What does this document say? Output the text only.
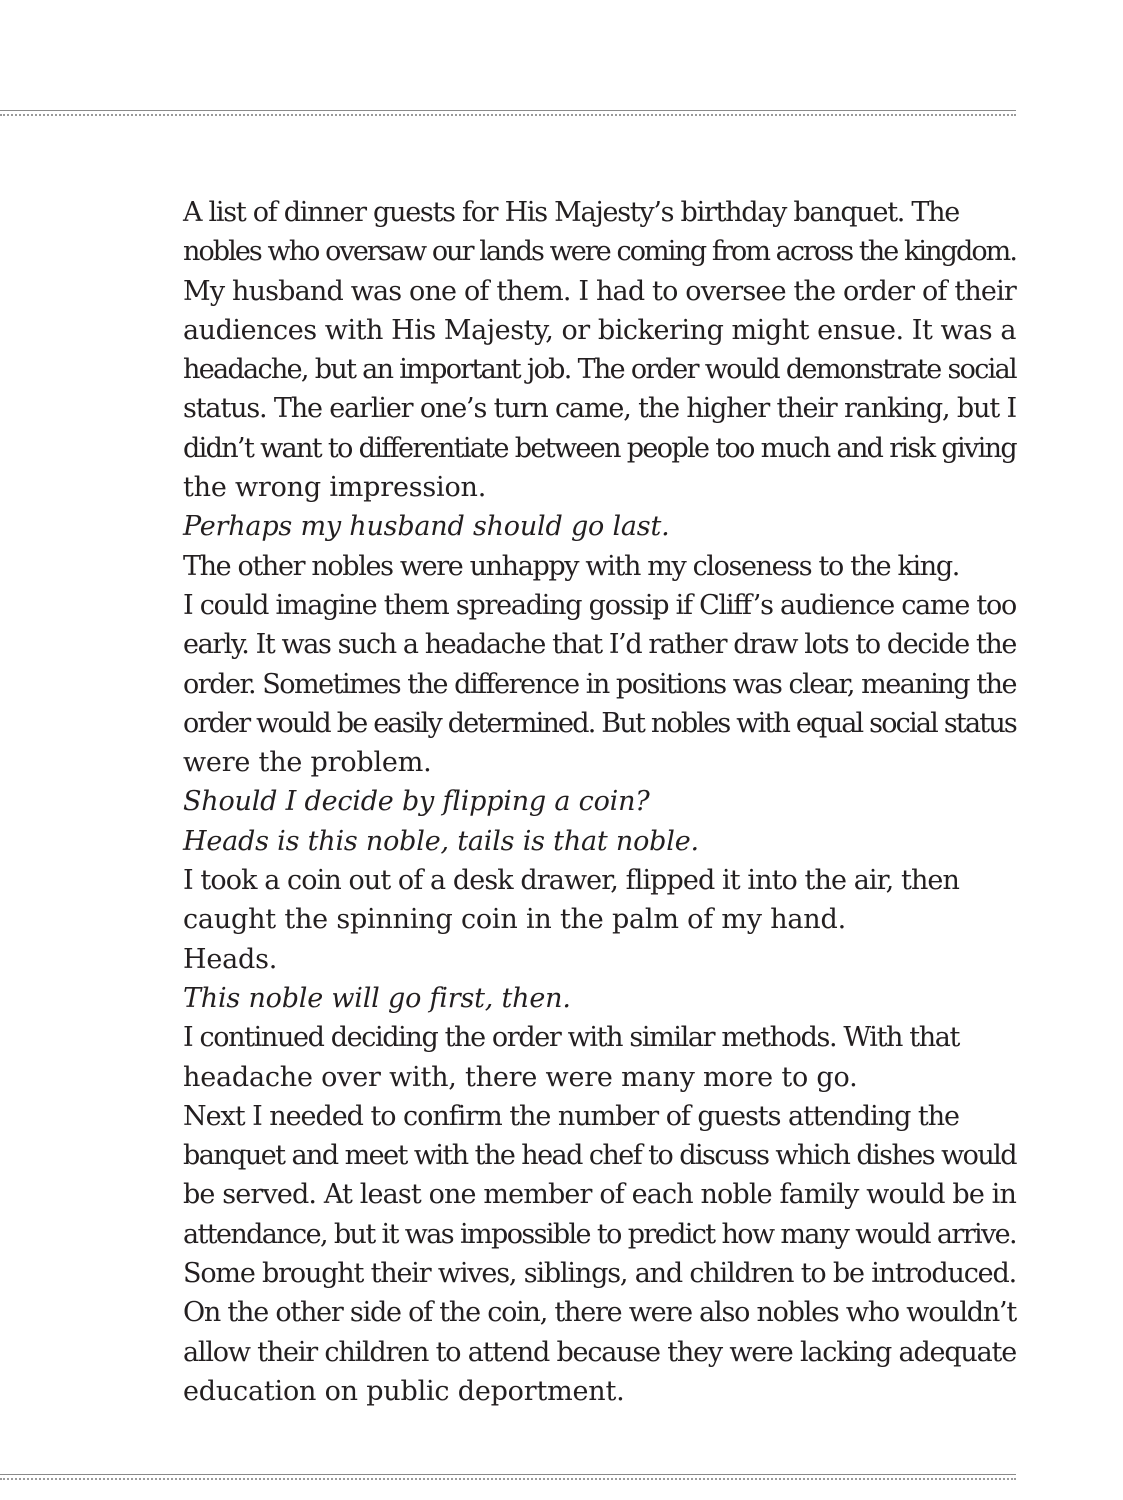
A list of dinner guests for His Majesty’s birthday banquet. The
nobles who oversaw our lands were coming from across the kingdom.
My husband was one of them. I had to oversee the order of their
audiences with His Majesty, or bickering might ensue. It was a
headache, but an important job. The order would demonstrate social
status. The earlier one’s turn came, the higher their ranking, but I
didn’t want to differentiate between people too much and risk giving
the wrong impression.

Perhaps my husband should go last.

The other nobles were unhappy with my closeness to the king.
I could imagine them spreading gossip if Cliff’s audience came too
early. It was such a headache that I’d rather draw lots to decide the
order. Sometimes the difference in positions was clear, meaning the
order would be easily determined. But nobles with equal social status
were the problem.

Should I decide by flipping a coin?

Heads is this noble, tails is that noble.

I took a coin out of a desk drawer, flipped it into the air, then
caught the spinning coin in the palm of my hand.

Heads.

This noble will go first, then.

I continued deciding the order with similar methods. With that
headache over with, there were many more to go.

Next I needed to confirm the number of guests attending the
banquet and meet with the head chef to discuss which dishes would
be served. At least one member of each noble family would be in
attendance, but it was impossible to predict how many would arrive.
Some brought their wives, siblings, and children to be introduced.
On the other side of the coin, there were also nobles who wouldn’t
allow their children to attend because they were lacking adequate
education on public deportment.
